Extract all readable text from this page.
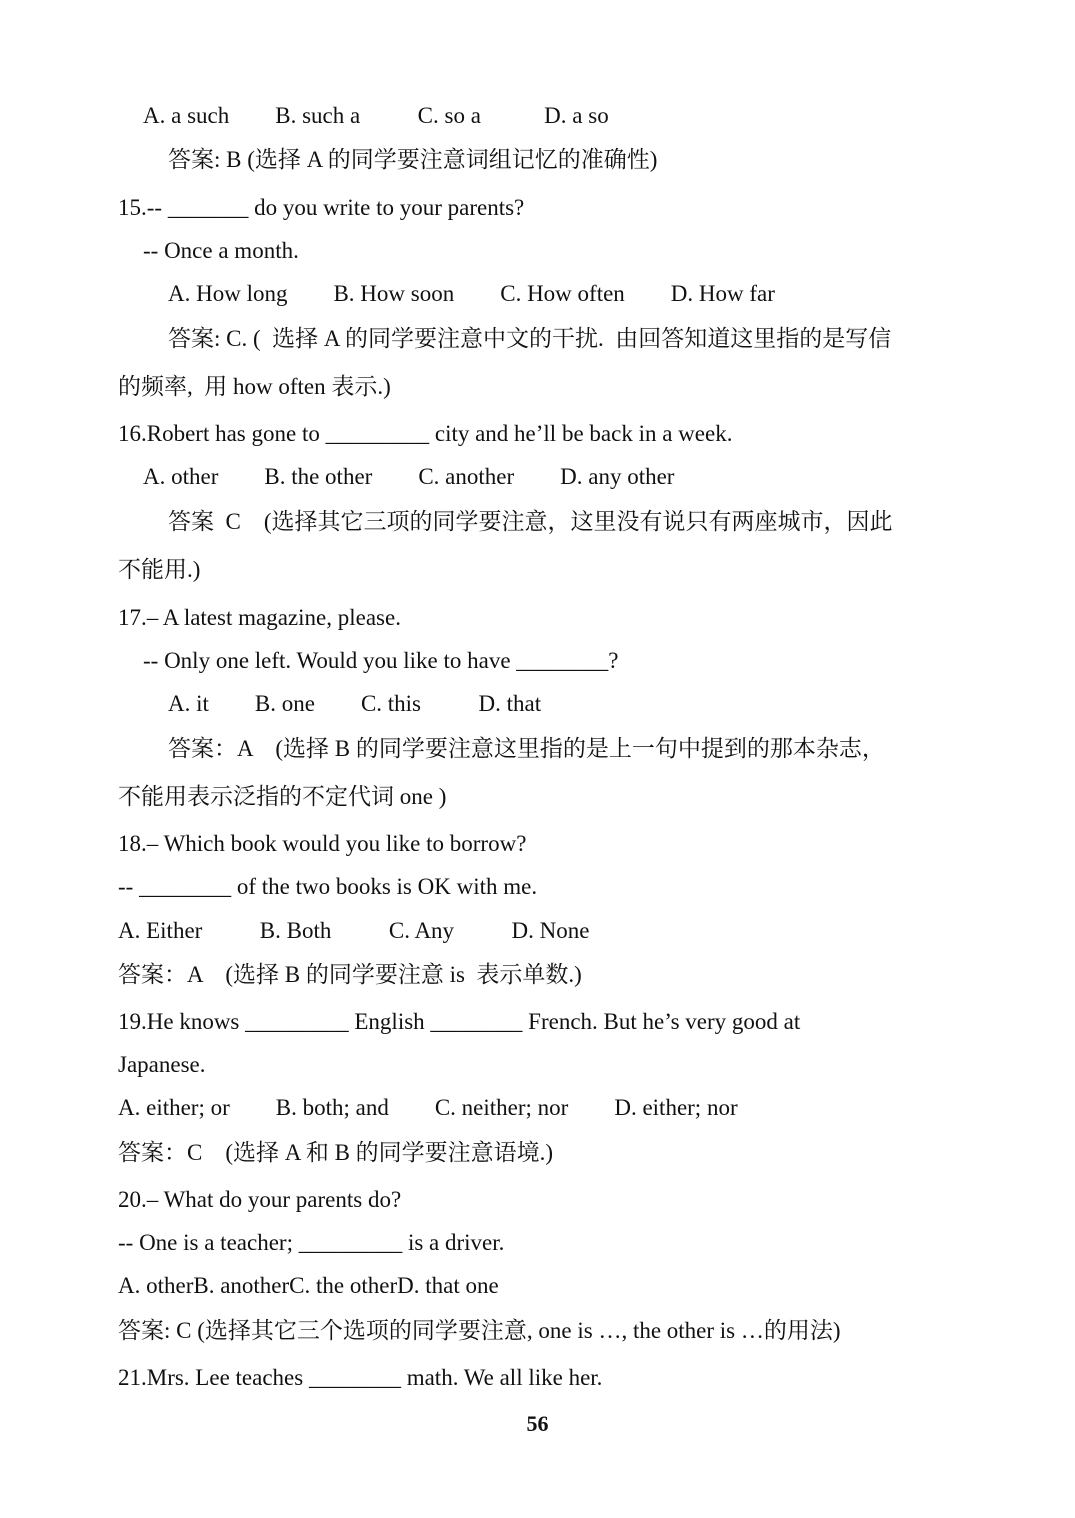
A. a such        B. such a          C. so a           D. a so
答案: B (选择 A 的同学要注意词组记忆的准确性)
15.-- _______ do you write to your parents?
-- Once a month.
A. How long        B. How soon        C. How often        D. How far
答案: C. (  选择 A 的同学要注意中文的干扰.  由回答知道这里指的是写信
的频率,  用 how often 表示.)
16.Robert has gone to _________ city and he’ll be back in a week.
A. other        B. the other        C. another        D. any other
答案  C    (选择其它三项的同学要注意，这里没有说只有两座城市，因此
不能用.)
17.– A latest magazine, please.
-- Only one left. Would you like to have ________?
A. it        B. one        C. this          D. that
答案：A    (选择 B 的同学要注意这里指的是上一句中提到的那本杂志，
不能用表示泛指的不定代词 one )
18.– Which book would you like to borrow?
-- ________ of the two books is OK with me.
A. Either          B. Both          C. Any          D. None
答案：A    (选择 B 的同学要注意 is  表示单数.)
19.He knows _________ English ________ French. But he’s very good at
Japanese.
A. either; or        B. both; and        C. neither; nor        D. either; nor
答案：C    (选择 A 和 B 的同学要注意语境.)
20.– What do your parents do?
-- One is a teacher; _________ is a driver.
A. otherB. anotherC. the otherD. that one
答案: C (选择其它三个选项的同学要注意, one is …, the other is …的用法)
21.Mrs. Lee teaches ________ math. We all like her.
56
